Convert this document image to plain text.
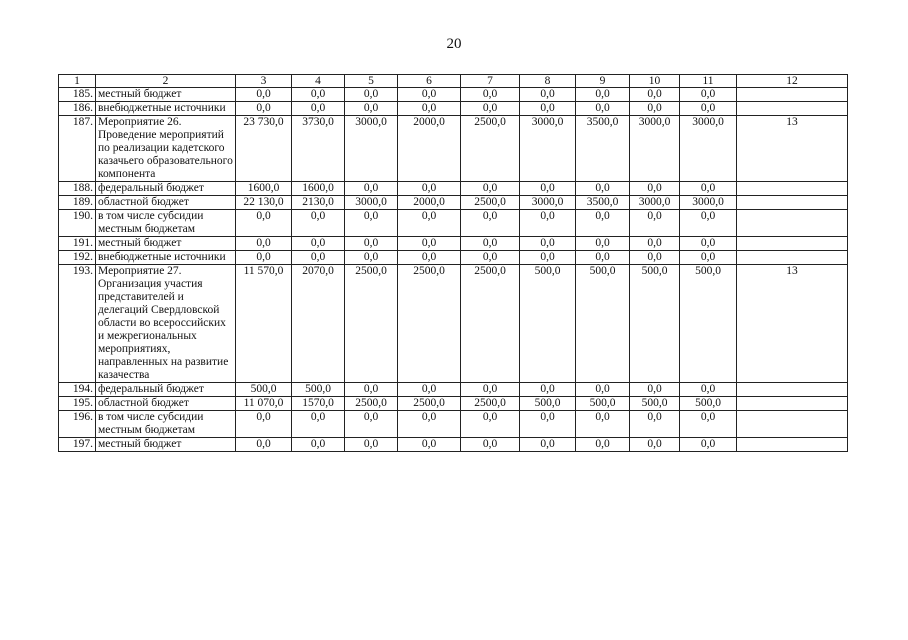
20
1	2	3	4	5	6	7	8	9	10	11	12
185.	местный бюджет	0,0	0,0	0,0	0,0	0,0	0,0	0,0	0,0	0,0	
186.	внебюджетные источники	0,0	0,0	0,0	0,0	0,0	0,0	0,0	0,0	0,0	
187.	Мероприятие 26. Проведение мероприятий по реализации кадетского казачьего образовательного компонента	23 730,0	3730,0	3000,0	2000,0	2500,0	3000,0	3500,0	3000,0	3000,0	13
188.	федеральный бюджет	1600,0	1600,0	0,0	0,0	0,0	0,0	0,0	0,0	0,0	
189.	областной бюджет	22 130,0	2130,0	3000,0	2000,0	2500,0	3000,0	3500,0	3000,0	3000,0	
190.	в том числе субсидии местным бюджетам	0,0	0,0	0,0	0,0	0,0	0,0	0,0	0,0	0,0	
191.	местный бюджет	0,0	0,0	0,0	0,0	0,0	0,0	0,0	0,0	0,0	
192.	внебюджетные источники	0,0	0,0	0,0	0,0	0,0	0,0	0,0	0,0	0,0	
193.	Мероприятие 27. Организация участия представителей и делегаций Свердловской области во всероссийских и межрегиональных мероприятиях, направленных на развитие казачества	11 570,0	2070,0	2500,0	2500,0	2500,0	500,0	500,0	500,0	500,0	13
194.	федеральный бюджет	500,0	500,0	0,0	0,0	0,0	0,0	0,0	0,0	0,0	
195.	областной бюджет	11 070,0	1570,0	2500,0	2500,0	2500,0	500,0	500,0	500,0	500,0	
196.	в том числе субсидии местным бюджетам	0,0	0,0	0,0	0,0	0,0	0,0	0,0	0,0	0,0	
197.	местный бюджет	0,0	0,0	0,0	0,0	0,0	0,0	0,0	0,0	0,0	
